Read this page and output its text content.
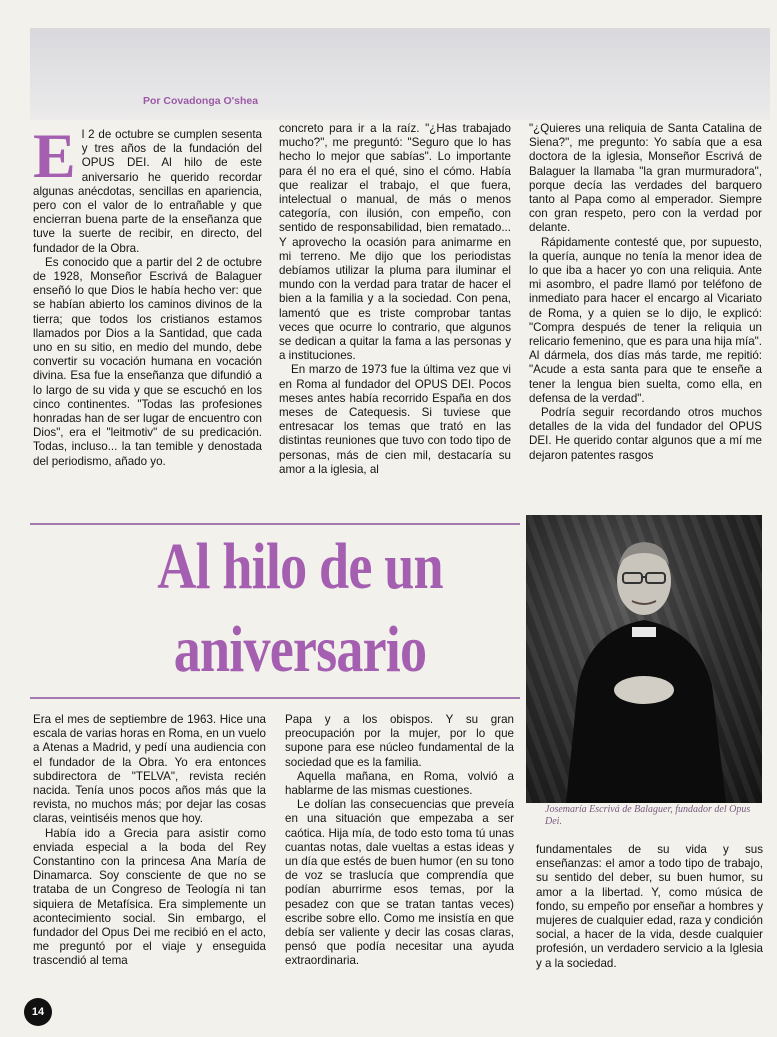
Por Covadonga O'shea
E l 2 de octubre se cumplen sesenta y tres años de la fundación del OPUS DEI. Al hilo de este aniversario he querido recordar algunas anécdotas, sencillas en apariencia, pero con el valor de lo entrañable y que encierran buena parte de la enseñanza que tuve la suerte de recibir, en directo, del fundador de la Obra.

Es conocido que a partir del 2 de octubre de 1928, Monseñor Escrivá de Balaguer enseñó lo que Dios le había hecho ver: que se habían abierto los caminos divinos de la tierra; que todos los cristianos estamos llamados por Dios a la Santidad, que cada uno en su sitio, en medio del mundo, debe convertir su vocación humana en vocación divina. Esa fue la enseñanza que difundió a lo largo de su vida y que se escuchó en los cinco continentes. "Todas las profesiones honradas han de ser lugar de encuentro con Dios", era el "leitmotiv" de su predicación. Todas, incluso... la tan temible y denostada del periodismo, añado yo.

concreto para ir a la raíz. "¿Has trabajado mucho?", me preguntó: "Seguro que lo has hecho lo mejor que sabías". Lo importante para él no era el qué, sino el cómo. Había que realizar el trabajo, el que fuera, intelectual o manual, de más o menos categoría, con ilusión, con empeño, con sentido de responsabilidad, bien rematado... Y aprovecho la ocasión para animarme en mi terreno. Me dijo que los periodistas debíamos utilizar la pluma para iluminar el mundo con la verdad para tratar de hacer el bien a la familia y a la sociedad. Con pena, lamentó que es triste comprobar tantas veces que ocurre lo contrario, que algunos se dedican a quitar la fama a las personas y a instituciones.

En marzo de 1973 fue la última vez que vi en Roma al fundador del OPUS DEI. Pocos meses antes había recorrido España en dos meses de Catequesis. Si tuviese que entresacar los temas que trató en las distintas reuniones que tuvo con todo tipo de personas, más de cien mil, destacaría su amor a la iglesia, al

"¿Quieres una reliquia de Santa Catalina de Siena?", me pregunto: Yo sabía que a esa doctora de la iglesia, Monseñor Escrivá de Balaguer la llamaba "la gran murmuradora", porque decía las verdades del barquero tanto al Papa como al emperador. Siempre con gran respeto, pero con la verdad por delante.

Rápidamente contesté que, por supuesto, la quería, aunque no tenía la menor idea de lo que iba a hacer yo con una reliquia. Ante mi asombro, el padre llamó por teléfono de inmediato para hacer el encargo al Vicariato de Roma, y a quien se lo dijo, le explicó: "Compra después de tener la reliquia un relicario femenino, que es para una hija mía". Al dármela, dos días más tarde, me repitió: "Acude a esta santa para que te enseñe a tener la lengua bien suelta, como ella, en defensa de la verdad".

Podría seguir recordando otros muchos detalles de la vida del fundador del OPUS DEI. He querido contar algunos que a mí me dejaron patentes rasgos

Al hilo de un
aniversario
Josemaría Escrivá de Balaguer, fundador del Opus Dei.

Era el mes de septiembre de 1963. Hice una escala de varias horas en Roma, en un vuelo a Atenas a Madrid, y pedí una audiencia con el fundador de la Obra. Yo era entonces subdirectora de "TELVA", revista recién nacida. Tenía unos pocos años más que la revista, no muchos más; por dejar las cosas claras, veintiséis menos que hoy.

Había ido a Grecia para asistir como enviada especial a la boda del Rey Constantino con la princesa Ana María de Dinamarca. Soy consciente de que no se trataba de un Congreso de Teología ni tan siquiera de Metafísica. Era simplemente un acontecimiento social. Sin embargo, el fundador del Opus Dei me recibió en el acto, me preguntó por el viaje y enseguida trascendió al tema

Papa y a los obispos. Y su gran preocupación por la mujer, por lo que supone para ese núcleo fundamental de la sociedad que es la familia.

Aquella mañana, en Roma, volvió a hablarme de las mismas cuestiones.

Le dolían las consecuencias que preveía en una situación que empezaba a ser caótica. Hija mía, de todo esto toma tú unas cuantas notas, dale vueltas a estas ideas y un día que estés de buen humor (en su tono de voz se traslucía que comprendía que podían aburrirme esos temas, por la pesadez con que se tratan tantas veces) escribe sobre ello. Como me insistía en que debía ser valiente y decir las cosas claras, pensó que podía necesitar una ayuda extraordinaria.

fundamentales de su vida y sus enseñanzas: el amor a todo tipo de trabajo, su sentido del deber, su buen humor, su amor a la libertad. Y, como música de fondo, su empeño por enseñar a hombres y mujeres de cualquier edad, raza y condición social, a hacer de la vida, desde cualquier profesión, un verdadero servicio a la Iglesia y a la sociedad.

14
